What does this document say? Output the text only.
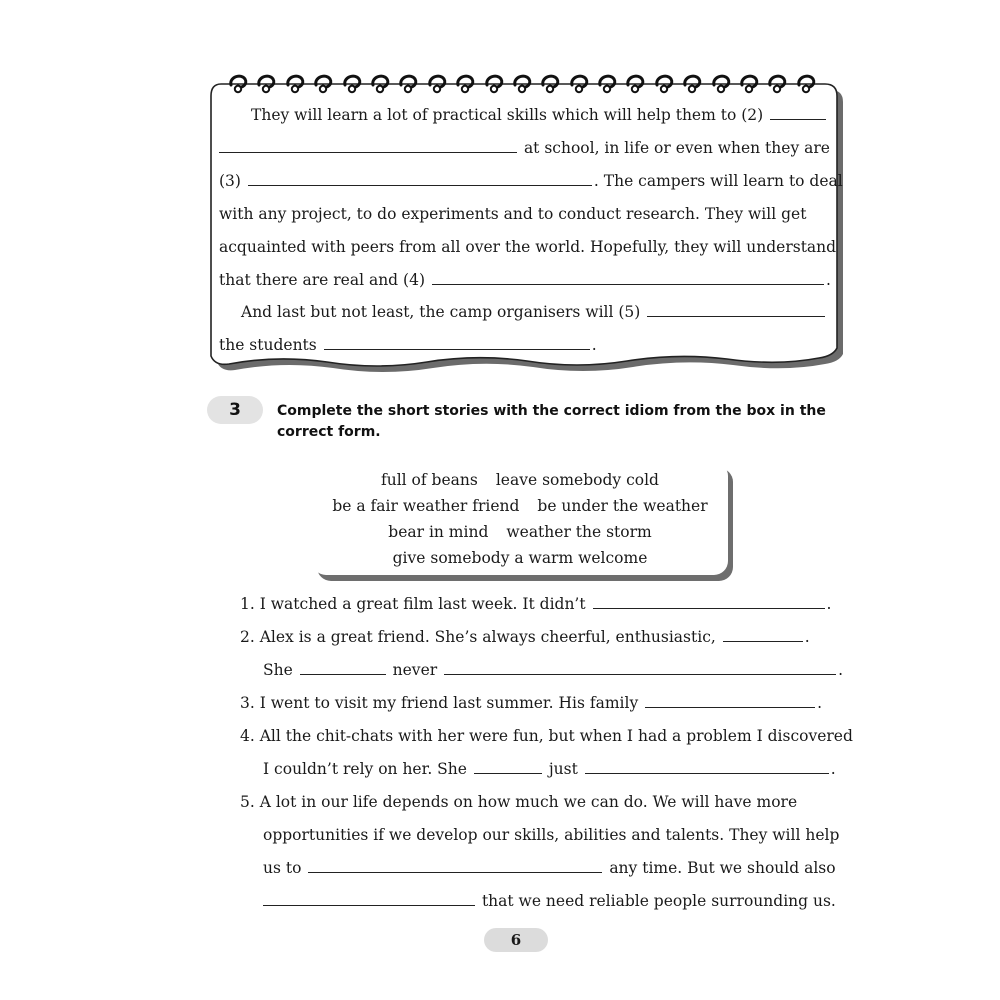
They will learn a lot of practical skills which will help them to (2)
at school, in life or even when they are
(3)	. The campers will learn to deal
with any project, to do experiments and to conduct research. They will get
acquainted with peers from all over the world. Hopefully, they will understand
that there are real and (4)	.
And last but not least, the camp organisers will (5)
the students	.
3	Complete the short stories with the correct idiom from the box in the
correct form.
full of beans leave somebody cold
be a fair weather friend be under the weather
bear in mind weather the storm
give somebody a warm welcome
1. I watched a great film last week. It didn’t	.
2. Alex is a great friend. She’s always cheerful, enthusiastic,	.
She	never	.
3. I went to visit my friend last summer. His family	.
4. All the chit-chats with her were fun, but when I had a problem I discovered
I couldn’t rely on her. She	just	.
5. A lot in our life depends on how much we can do. We will have more
opportunities if we develop our skills, abilities and talents. They will help
us to	any time. But we should also
that we need reliable people surrounding us.
6
